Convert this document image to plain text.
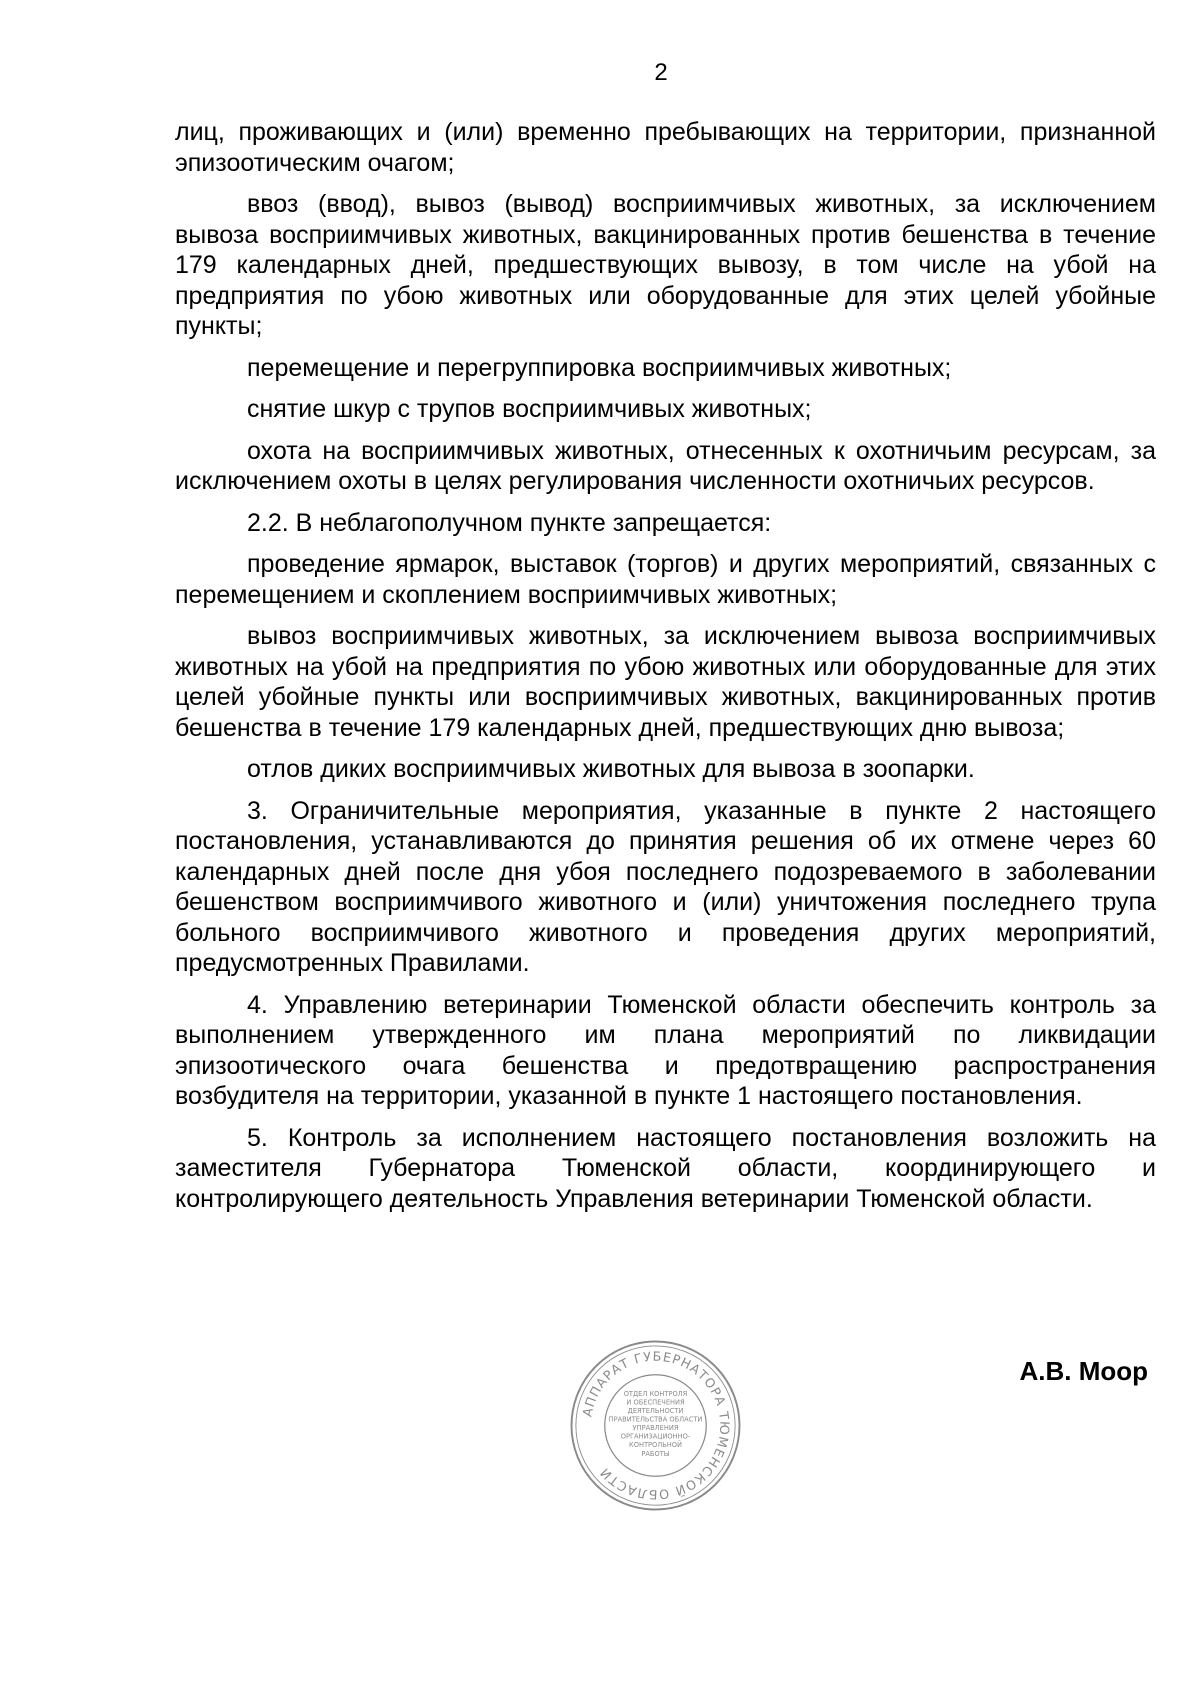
2

лиц, проживающих и (или) временно пребывающих на территории, признанной эпизоотическим очагом;

ввоз (ввод), вывоз (вывод) восприимчивых животных, за исключением вывоза восприимчивых животных, вакцинированных против бешенства в течение 179 календарных дней, предшествующих вывозу, в том числе на убой на предприятия по убою животных или оборудованные для этих целей убойные пункты;

перемещение и перегруппировка восприимчивых животных;

снятие шкур с трупов восприимчивых животных;

охота на восприимчивых животных, отнесенных к охотничьим ресурсам, за исключением охоты в целях регулирования численности охотничьих ресурсов.

2.2. В неблагополучном пункте запрещается:

проведение ярмарок, выставок (торгов) и других мероприятий, связанных с перемещением и скоплением восприимчивых животных;

вывоз восприимчивых животных, за исключением вывоза восприимчивых животных на убой на предприятия по убою животных или оборудованные для этих целей убойные пункты или восприимчивых животных, вакцинированных против бешенства в течение 179 календарных дней, предшествующих дню вывоза;

отлов диких восприимчивых животных для вывоза в зоопарки.

3. Ограничительные мероприятия, указанные в пункте 2 настоящего постановления, устанавливаются до принятия решения об их отмене через 60 календарных дней после дня убоя последнего подозреваемого в заболевании бешенством восприимчивого животного и (или) уничтожения последнего трупа больного восприимчивого животного и проведения других мероприятий, предусмотренных Правилами.

4. Управлению ветеринарии Тюменской области обеспечить контроль за выполнением утвержденного им плана мероприятий по ликвидации эпизоотического очага бешенства и предотвращению распространения возбудителя на территории, указанной в пункте 1 настоящего постановления.

5. Контроль за исполнением настоящего постановления возложить на заместителя Губернатора Тюменской области, координирующего и контролирующего деятельность Управления ветеринарии Тюменской области.

АППАРАТ ГУБЕРНАТОРА ТЮМЕНСКОЙ ОБЛАСТИ
ОТДЕЛ КОНТРОЛЯ
И ОБЕСПЕЧЕНИЯ
ДЕЯТЕЛЬНОСТИ
ПРАВИТЕЛЬСТВА ОБЛАСТИ
УПРАВЛЕНИЯ
ОРГАНИЗАЦИОННО-
КОНТРОЛЬНОЙ
РАБОТЫ
А.В. Моор
